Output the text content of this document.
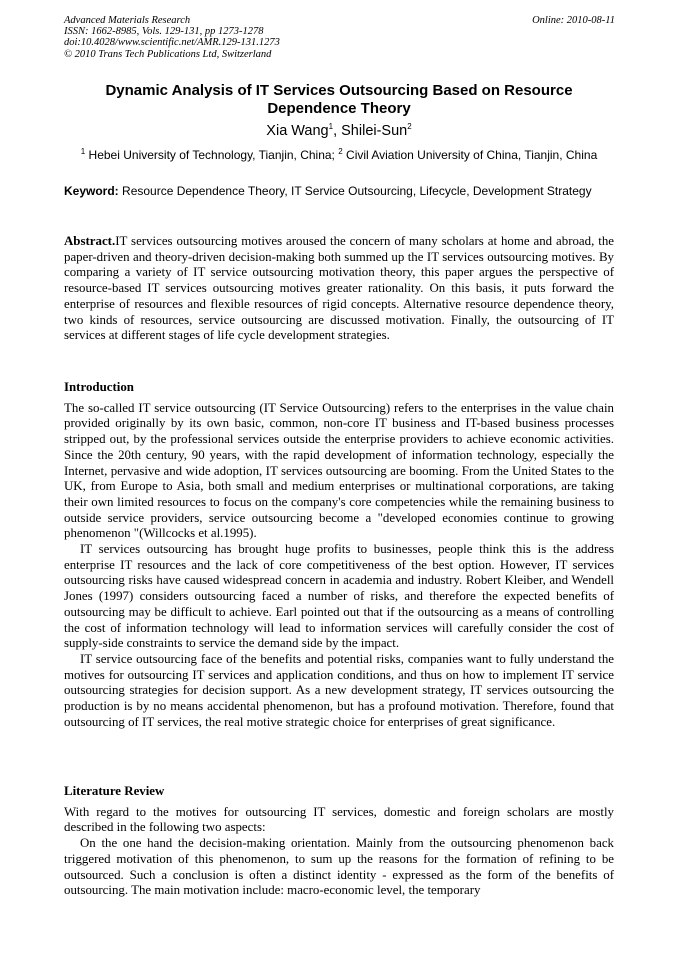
Advanced Materials Research
ISSN: 1662-8985, Vols. 129-131, pp 1273-1278
doi:10.4028/www.scientific.net/AMR.129-131.1273
© 2010 Trans Tech Publications Ltd, Switzerland
Online: 2010-08-11
Dynamic Analysis of IT Services Outsourcing Based on Resource Dependence Theory
Xia Wang$^1$, Shilei-Sun$^2$
$^1$ Hebei University of Technology, Tianjin, China; $^2$ Civil Aviation University of China, Tianjin, China
Keyword: Resource Dependence Theory, IT Service Outsourcing, Lifecycle, Development Strategy
Abstract.IT services outsourcing motives aroused the concern of many scholars at home and abroad, the paper-driven and theory-driven decision-making both summed up the IT services outsourcing motives. By comparing a variety of IT service outsourcing motivation theory, this paper argues the perspective of resource-based IT services outsourcing motives greater rationality. On this basis, it puts forward the enterprise of resources and flexible resources of rigid concepts. Alternative resource dependence theory, two kinds of resources, service outsourcing are discussed motivation. Finally, the outsourcing of IT services at different stages of life cycle development strategies.
Introduction

The so-called IT service outsourcing (IT Service Outsourcing) refers to the enterprises in the value chain provided originally by its own basic, common, non-core IT business and IT-based business processes stripped out, by the professional services outside the enterprise providers to achieve economic activities. Since the 20th century, 90 years, with the rapid development of information technology, especially the Internet, pervasive and wide adoption, IT services outsourcing are booming. From the United States to the UK, from Europe to Asia, both small and medium enterprises or multinational corporations, are taking their own limited resources to focus on the company's core competencies while the remaining business to outside service providers, service outsourcing become a "developed economies continue to growing phenomenon "(Willcocks et al.1995).

IT services outsourcing has brought huge profits to businesses, people think this is the address enterprise IT resources and the lack of core competitiveness of the best option. However, IT services outsourcing risks have caused widespread concern in academia and industry. Robert Kleiber, and Wendell Jones (1997) considers outsourcing faced a number of risks, and therefore the expected benefits of outsourcing may be difficult to achieve. Earl pointed out that if the outsourcing as a means of controlling the cost of information technology will lead to information services will carefully consider the cost of supply-side constraints to service the demand side by the impact.

IT service outsourcing face of the benefits and potential risks, companies want to fully understand the motives for outsourcing IT services and application conditions, and thus on how to implement IT service outsourcing strategies for decision support. As a new development strategy, IT services outsourcing the production is by no means accidental phenomenon, but has a profound motivation. Therefore, found that outsourcing of IT services, the real motive strategic choice for enterprises of great significance.

Literature Review

With regard to the motives for outsourcing IT services, domestic and foreign scholars are mostly described in the following two aspects:

On the one hand the decision-making orientation. Mainly from the outsourcing phenomenon back triggered motivation of this phenomenon, to sum up the reasons for the formation of refining to be outsourced. Such a conclusion is often a distinct identity - expressed as the form of the benefits of outsourcing. The main motivation include: macro-economic level, the temporary
